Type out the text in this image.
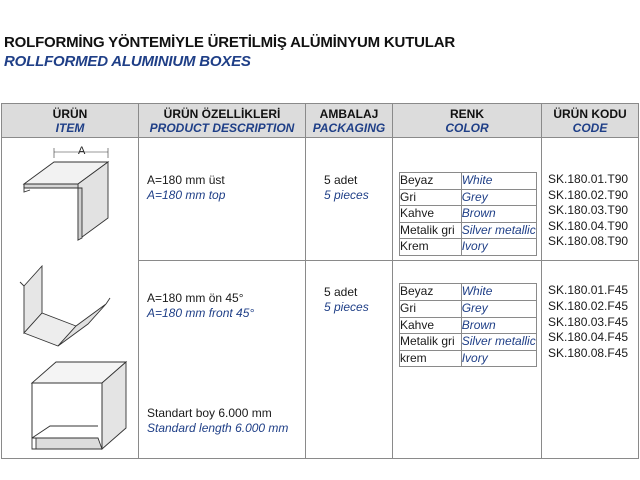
ROLFORMİNG YÖNTEMİYLE ÜRETİLMİŞ ALÜMİNYUM KUTULAR
ROLLFORMED ALUMINIUM BOXES
ÜRÜN
ITEM

ÜRÜN ÖZELLİKLERİ
PRODUCT DESCRIPTION

AMBALAJ
PACKAGING

RENK
COLOR

ÜRÜN KODU
CODE

A

A=180 mm üst
A=180 mm top

5 adet
5 pieces

Beyaz	White
Gri	Grey
Kahve	Brown
Metalik gri	Silver metallic
Krem	Ivory

SK.180.01.T90
SK.180.02.T90
SK.180.03.T90
SK.180.04.T90
SK.180.08.T90

A=180 mm ön 45°
A=180 mm front 45°
Standart boy 6.000 mm
Standard length 6.000 mm

5 adet
5 pieces

Beyaz	White
Gri	Grey
Kahve	Brown
Metalik gri	Silver metallic
krem	Ivory

SK.180.01.F45
SK.180.02.F45
SK.180.03.F45
SK.180.04.F45
SK.180.08.F45
